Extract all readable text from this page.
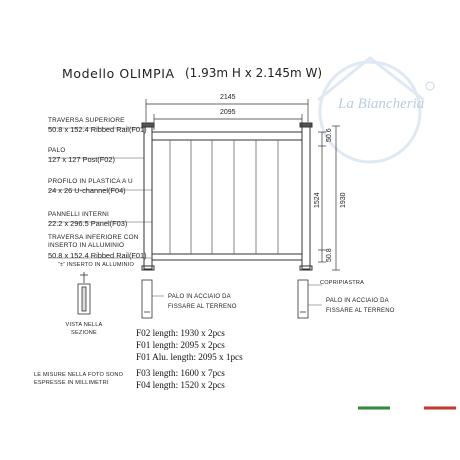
Modello OLIMPIA (1.93m H x 2.145m W)
La Biancheria
2145
2095
50.6
1524	1930
50.8
TRAVERSA SUPERIORE
50.8 x 152.4 Ribbed Rail(F01)
PALO
127 x 127 Post(F02)
PROFILO IN PLASTICA A U
24 x 26 U-channel(F04)
PANNELLI INTERNI
22.2 x 296.5 Panel(F03)
TRAVERSA INFERIORE CON
INSERTO IN ALLUMINIO
50.8 x 152.4 Ribbed Rail(F01)
“±” INSERTO IN ALLUMINIO
VISTA NELLA SEZIONE
PALO IN ACCIAIO DA FISSARE AL TERRENO
COPRIPIASTRA
PALO IN ACCIAIO DA FISSARE AL TERRENO
F02 length: 1930 x 2pcs
F01 length: 2095 x 2pcs
F01 Alu. length: 2095 x 1pcs
F03 length: 1600 x 7pcs
F04 length: 1520 x 2pcs
LE MISURE NELLA FOTO SONO ESPRESSE IN MILLIMETRI
